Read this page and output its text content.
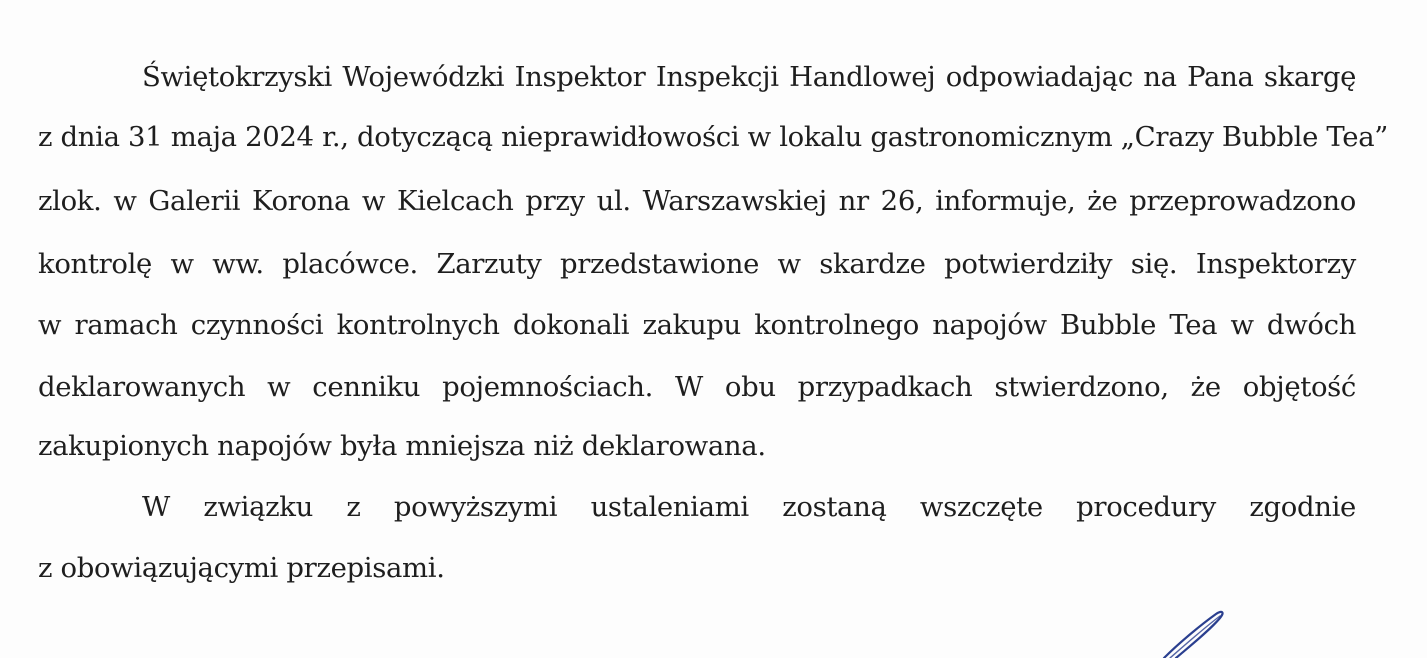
Świętokrzyski Wojewódzki Inspektor Inspekcji Handlowej odpowiadając na Pana skargę
z dnia 31 maja 2024 r., dotyczącą nieprawidłowości w lokalu gastronomicznym „Crazy Bubble Tea”
zlok. w Galerii Korona w Kielcach przy ul. Warszawskiej nr 26, informuje, że przeprowadzono
kontrolę w ww. placówce. Zarzuty przedstawione w skardze potwierdziły się. Inspektorzy
w ramach czynności kontrolnych dokonali zakupu kontrolnego napojów Bubble Tea w dwóch
deklarowanych w cenniku pojemnościach. W obu przypadkach stwierdzono, że objętość
zakupionych napojów była mniejsza niż deklarowana.
W związku z powyższymi ustaleniami zostaną wszczęte procedury zgodnie
z obowiązującymi przepisami.
